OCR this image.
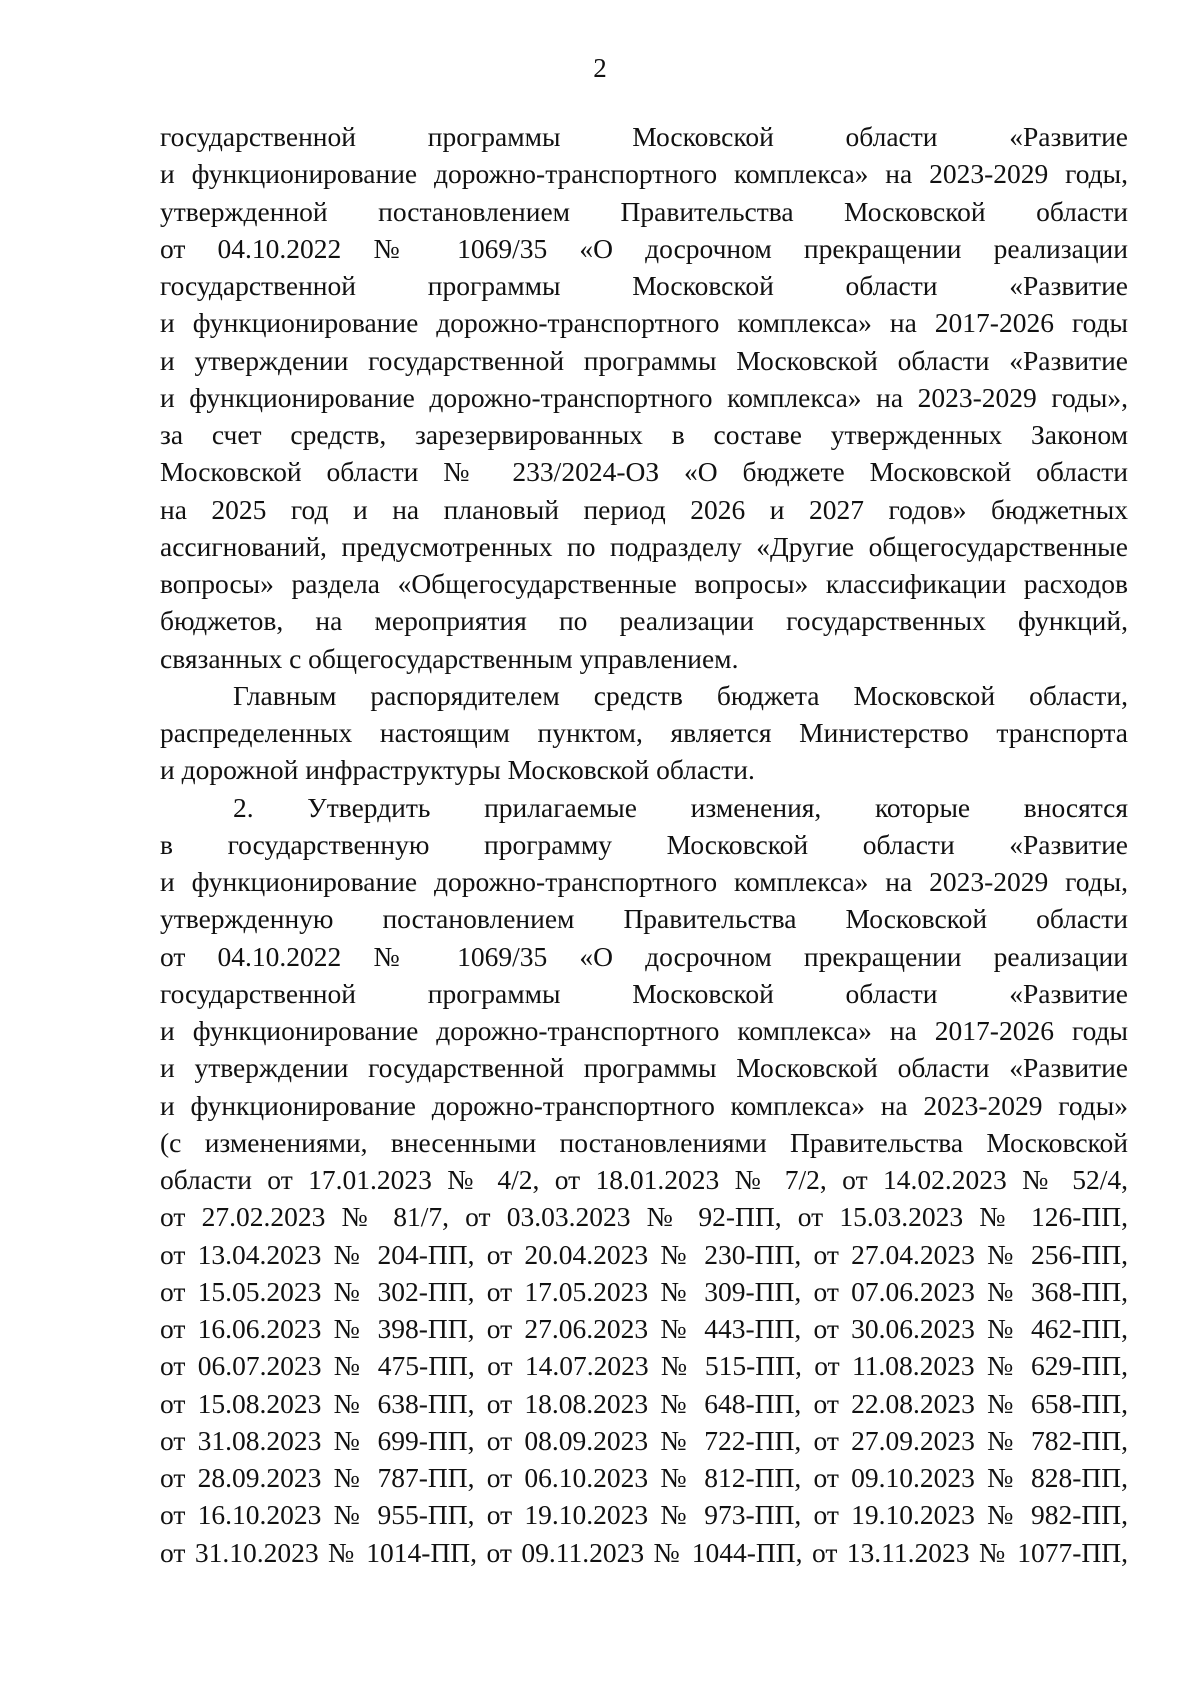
2
государственной программы Московской области «Развитие
и функционирование дорожно-транспортного комплекса» на 2023-2029 годы,
утвержденной постановлением Правительства Московской области
от 04.10.2022 № 1069/35 «О досрочном прекращении реализации
государственной программы Московской области «Развитие
и функционирование дорожно-транспортного комплекса» на 2017-2026 годы
и утверждении государственной программы Московской области «Развитие
и функционирование дорожно-транспортного комплекса» на 2023-2029 годы»,
за счет средств, зарезервированных в составе утвержденных Законом
Московской области № 233/2024-ОЗ «О бюджете Московской области
на 2025 год и на плановый период 2026 и 2027 годов» бюджетных
ассигнований, предусмотренных по подразделу «Другие общегосударственные
вопросы» раздела «Общегосударственные вопросы» классификации расходов
бюджетов, на мероприятия по реализации государственных функций,
связанных с общегосударственным управлением.
Главным распорядителем средств бюджета Московской области,
распределенных настоящим пунктом, является Министерство транспорта
и дорожной инфраструктуры Московской области.
2. Утвердить прилагаемые изменения, которые вносятся
в государственную программу Московской области «Развитие
и функционирование дорожно-транспортного комплекса» на 2023-2029 годы,
утвержденную постановлением Правительства Московской области
от 04.10.2022 № 1069/35 «О досрочном прекращении реализации
государственной программы Московской области «Развитие
и функционирование дорожно-транспортного комплекса» на 2017-2026 годы
и утверждении государственной программы Московской области «Развитие
и функционирование дорожно-транспортного комплекса» на 2023-2029 годы»
(с изменениями, внесенными постановлениями Правительства Московской
области от 17.01.2023 № 4/2, от 18.01.2023 № 7/2, от 14.02.2023 № 52/4,
от 27.02.2023 № 81/7, от 03.03.2023 № 92-ПП, от 15.03.2023 № 126-ПП,
от 13.04.2023 № 204-ПП, от 20.04.2023 № 230-ПП, от 27.04.2023 № 256-ПП,
от 15.05.2023 № 302-ПП, от 17.05.2023 № 309-ПП, от 07.06.2023 № 368-ПП,
от 16.06.2023 № 398-ПП, от 27.06.2023 № 443-ПП, от 30.06.2023 № 462-ПП,
от 06.07.2023 № 475-ПП, от 14.07.2023 № 515-ПП, от 11.08.2023 № 629-ПП,
от 15.08.2023 № 638-ПП, от 18.08.2023 № 648-ПП, от 22.08.2023 № 658-ПП,
от 31.08.2023 № 699-ПП, от 08.09.2023 № 722-ПП, от 27.09.2023 № 782-ПП,
от 28.09.2023 № 787-ПП, от 06.10.2023 № 812-ПП, от 09.10.2023 № 828-ПП,
от 16.10.2023 № 955-ПП, от 19.10.2023 № 973-ПП, от 19.10.2023 № 982-ПП,
от 31.10.2023 № 1014-ПП, от 09.11.2023 № 1044-ПП, от 13.11.2023 № 1077-ПП,
